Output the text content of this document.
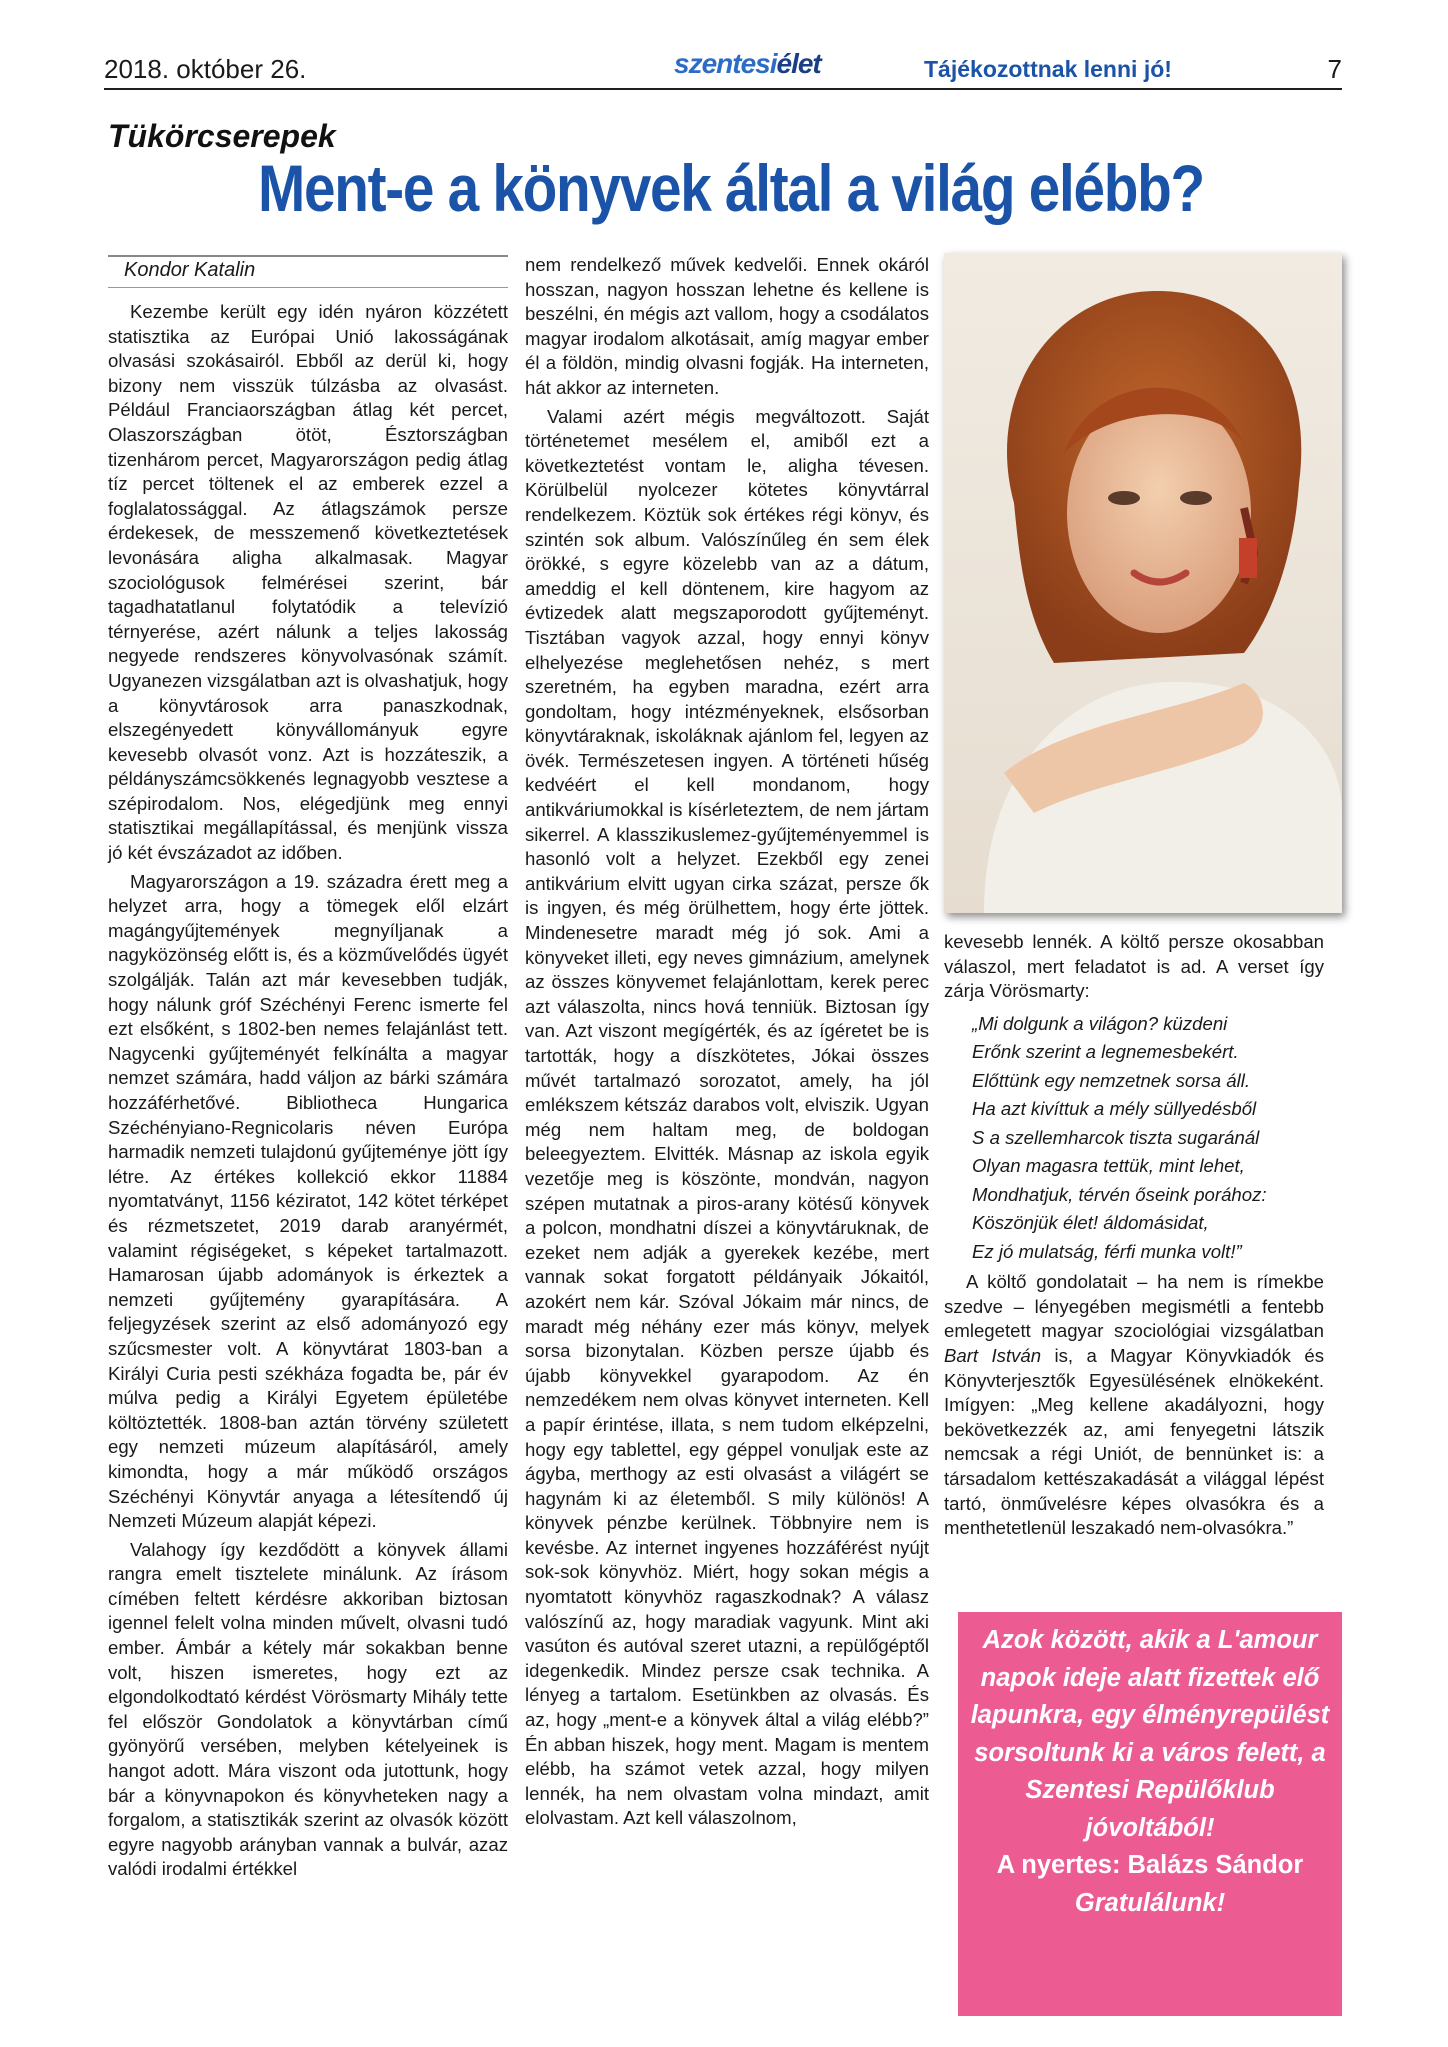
2018. október 26.	szentesiélet	Tájékozottnak lenni jó!	7
Tükörcserepek
Ment-e a könyvek által a világ elébb?
Kondor Katalin

Kezembe került egy idén nyáron közzétett statisztika az Európai Unió lakosságának olvasási szokásairól. Ebből az derül ki, hogy bizony nem visszük túlzásba az olvasást. Például Franciaországban átlag két percet, Olaszországban ötöt, Észtországban tizenhárom percet, Magyarországon pedig átlag tíz percet töltenek el az emberek ezzel a foglalatossággal. Az átlagszámok persze érdekesek, de messzemenő következtetések levonására aligha alkalmasak. Magyar szociológusok felmérései szerint, bár tagadhatatlanul folytatódik a televízió térnyerése, azért nálunk a teljes lakosság negyede rendszeres könyvolvasónak számít. Ugyanezen vizsgálatban azt is olvashatjuk, hogy a könyvtárosok arra panaszkodnak, elszegényedett könyvállományuk egyre kevesebb olvasót vonz. Azt is hozzáteszik, a példányszámcsökkenés legnagyobb vesztese a szépirodalom. Nos, elégedjünk meg ennyi statisztikai megállapítással, és menjünk vissza jó két évszázadot az időben.

Magyarországon a 19. századra érett meg a helyzet arra, hogy a tömegek elől elzárt magángyűjtemények megnyíljanak a nagyközönség előtt is, és a közművelődés ügyét szolgálják. Talán azt már kevesebben tudják, hogy nálunk gróf Széchényi Ferenc ismerte fel ezt elsőként, s 1802-ben nemes felajánlást tett. Nagycenki gyűjteményét felkínálta a magyar nemzet számára, hadd váljon az bárki számára hozzáférhetővé. Bibliotheca Hungarica Széchényiano-Regnicolaris néven Európa harmadik nemzeti tulajdonú gyűjteménye jött így létre. Az értékes kollekció ekkor 11884 nyomtatványt, 1156 kéziratot, 142 kötet térképet és rézmetszetet, 2019 darab aranyérmét, valamint régiségeket, s képeket tartalmazott. Hamarosan újabb adományok is érkeztek a nemzeti gyűjtemény gyarapítására. A feljegyzések szerint az első adományozó egy szűcsmester volt. A könyvtárat 1803-ban a Királyi Curia pesti székháza fogadta be, pár év múlva pedig a Királyi Egyetem épületébe költöztették. 1808-ban aztán törvény született egy nemzeti múzeum alapításáról, amely kimondta, hogy a már működő országos Széchényi Könyvtár anyaga a létesítendő új Nemzeti Múzeum alapját képezi.

Valahogy így kezdődött a könyvek állami rangra emelt tisztelete minálunk. Az írásom címében feltett kérdésre akkoriban biztosan igennel felelt volna minden művelt, olvasni tudó ember. Ámbár a kétely már sokakban benne volt, hiszen ismeretes, hogy ezt az elgondolkodtató kérdést Vörösmarty Mihály tette fel először Gondolatok a könyvtárban című gyönyörű versében, melyben kételyeinek is hangot adott. Mára viszont oda jutottunk, hogy bár a könyvnapokon és könyvheteken nagy a forgalom, a statisztikák szerint az olvasók között egyre nagyobb arányban vannak a bulvár, azaz valódi irodalmi értékkel

nem rendelkező művek kedvelői. Ennek okáról hosszan, nagyon hosszan lehetne és kellene is beszélni, én mégis azt vallom, hogy a csodálatos magyar irodalom alkotásait, amíg magyar ember él a földön, mindig olvasni fogják. Ha interneten, hát akkor az interneten.

Valami azért mégis megváltozott. Saját történetemet mesélem el, amiből ezt a következtetést vontam le, aligha tévesen. Körülbelül nyolcezer kötetes könyvtárral rendelkezem. Köztük sok értékes régi könyv, és szintén sok album. Valószínűleg én sem élek örökké, s egyre közelebb van az a dátum, ameddig el kell döntenem, kire hagyom az évtizedek alatt megszaporodott gyűjteményt. Tisztában vagyok azzal, hogy ennyi könyv elhelyezése meglehetősen nehéz, s mert szeretném, ha egyben maradna, ezért arra gondoltam, hogy intézményeknek, elsősorban könyvtáraknak, iskoláknak ajánlom fel, legyen az övék. Természetesen ingyen. A történeti hűség kedvéért el kell mondanom, hogy antikváriumokkal is kísérleteztem, de nem jártam sikerrel. A klasszikuslemez-gyűjteményemmel is hasonló volt a helyzet. Ezekből egy zenei antikvárium elvitt ugyan cirka százat, persze ők is ingyen, és még örülhettem, hogy érte jöttek. Mindenesetre maradt még jó sok. Ami a könyveket illeti, egy neves gimnázium, amelynek az összes könyvemet felajánlottam, kerek perec azt válaszolta, nincs hová tenniük. Biztosan így van. Azt viszont megígérték, és az ígéretet be is tartották, hogy a díszkötetes, Jókai összes művét tartalmazó sorozatot, amely, ha jól emlékszem kétszáz darabos volt, elviszik. Ugyan még nem haltam meg, de boldogan beleegyeztem. Elvitték. Másnap az iskola egyik vezetője meg is köszönte, mondván, nagyon szépen mutatnak a piros-arany kötésű könyvek a polcon, mondhatni díszei a könyvtáruknak, de ezeket nem adják a gyerekek kezébe, mert vannak sokat forgatott példányaik Jókaitól, azokért nem kár. Szóval Jókaim már nincs, de maradt még néhány ezer más könyv, melyek sorsa bizonytalan. Közben persze újabb és újabb könyvekkel gyarapodom. Az én nemzedékem nem olvas könyvet interneten. Kell a papír érintése, illata, s nem tudom elképzelni, hogy egy tablettel, egy géppel vonuljak este az ágyba, merthogy az esti olvasást a világért se hagynám ki az életemből. S mily különös! A könyvek pénzbe kerülnek. Többnyire nem is kevésbe. Az internet ingyenes hozzáférést nyújt sok-sok könyvhöz. Miért, hogy sokan mégis a nyomtatott könyvhöz ragaszkodnak? A válasz valószínű az, hogy maradiak vagyunk. Mint aki vasúton és autóval szeret utazni, a repülőgéptől idegenkedik. Mindez persze csak technika. A lényeg a tartalom. Esetünkben az olvasás. És az, hogy „ment-e a könyvek által a világ elébb?” Én abban hiszek, hogy ment. Magam is mentem elébb, ha számot vetek azzal, hogy milyen lennék, ha nem olvastam volna mindazt, amit elolvastam. Azt kell válaszolnom,

kevesebb lennék. A költő persze okosabban válaszol, mert feladatot is ad. A verset így zárja Vörösmarty:

„Mi dolgunk a világon? küzdeni
Erőnk szerint a legnemesbekért.
Előttünk egy nemzetnek sorsa áll.
Ha azt kivíttuk a mély süllyedésből
S a szellemharcok tiszta sugaránál
Olyan magasra tettük, mint lehet,
Mondhatjuk, térvén őseink porához:
Köszönjük élet! áldomásidat,
Ez jó mulatság, férfi munka volt!”

A költő gondolatait – ha nem is rímekbe szedve – lényegében megismétli a fentebb emlegetett magyar szociológiai vizsgálatban Bart István is, a Magyar Könyvkiadók és Könyvterjesztők Egyesülésének elnökeként. Imígyen: „Meg kellene akadályozni, hogy bekövetkezzék az, ami fenyegetni látszik nemcsak a régi Uniót, de bennünket is: a társadalom kettészakadását a világgal lépést tartó, önművelésre képes olvasókra és a menthetetlenül leszakadó nem-olvasókra.”

Azok között, akik a L'amour napok ideje alatt fizettek elő lapunkra, egy élményrepülést sorsoltunk ki a város felett, a Szentesi Repülőklub jóvoltából!
A nyertes: Balázs Sándor
Gratulálunk!
